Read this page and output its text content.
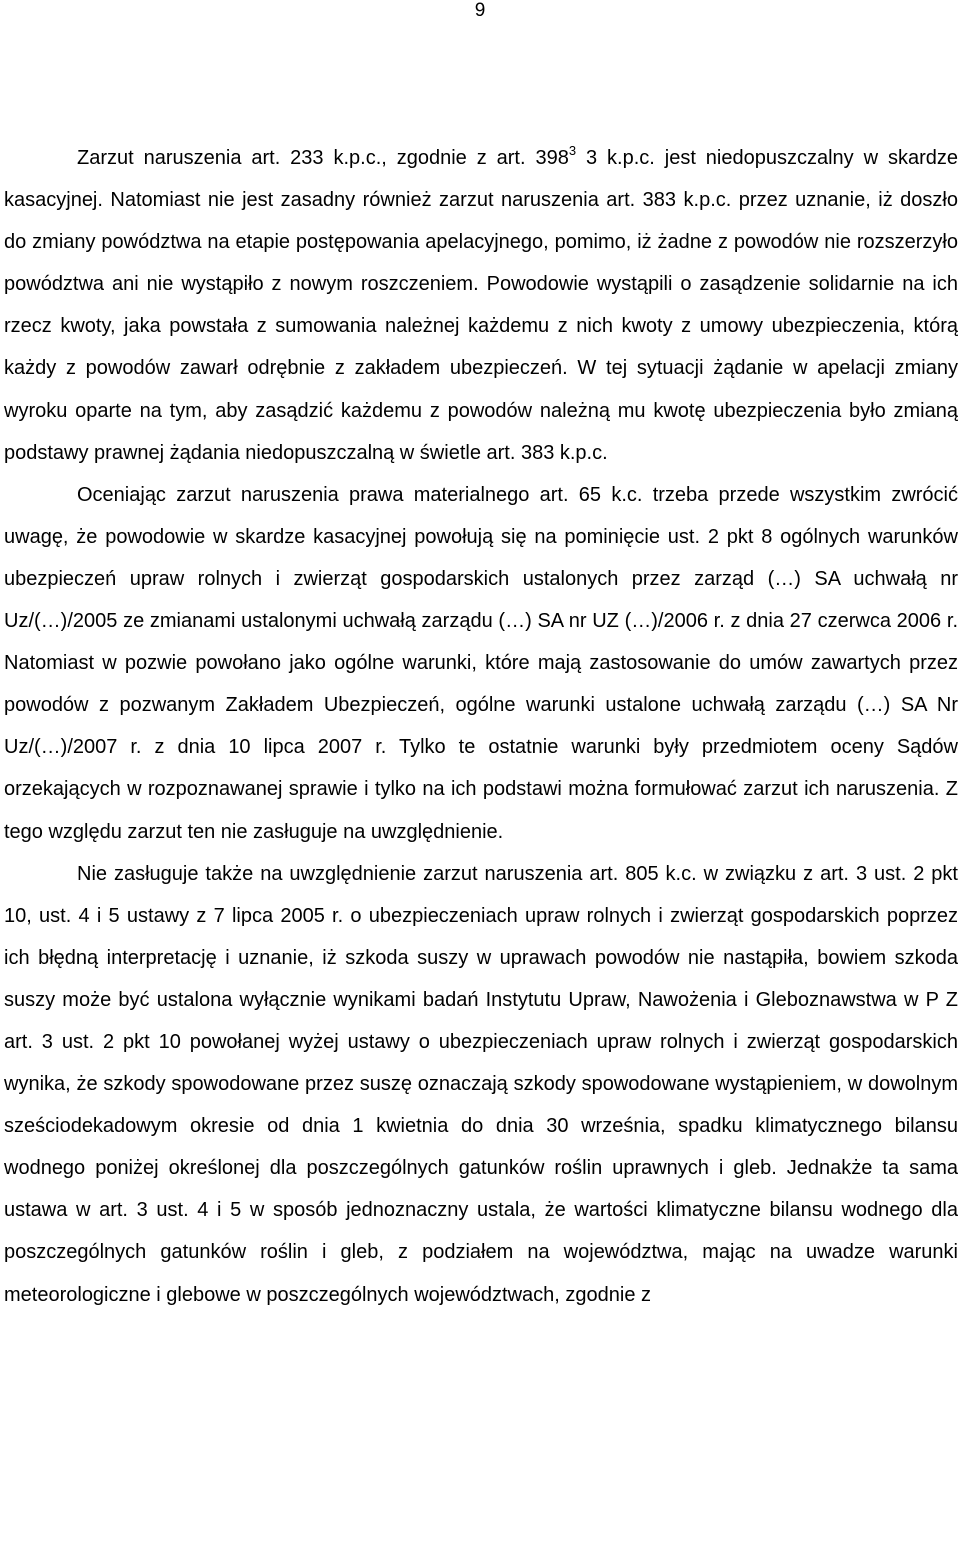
9

Zarzut naruszenia art. 233 k.p.c., zgodnie z art. $398^3$ 3 k.p.c. jest niedopuszczalny w skardze kasacyjnej. Natomiast nie jest zasadny również zarzut naruszenia art. 383 k.p.c. przez uznanie, iż doszło do zmiany powództwa na etapie postępowania apelacyjnego, pomimo, iż żadne z powodów nie rozszerzyło powództwa ani nie wystąpiło z nowym roszczeniem. Powodowie wystąpili o zasądzenie solidarnie na ich rzecz kwoty, jaka powstała z sumowania należnej każdemu z nich kwoty z umowy ubezpieczenia, którą każdy z powodów zawarł odrębnie z zakładem ubezpieczeń. W tej sytuacji żądanie w apelacji zmiany wyroku oparte na tym, aby zasądzić każdemu z powodów należną mu kwotę ubezpieczenia było zmianą podstawy prawnej żądania niedopuszczalną w świetle art. 383 k.p.c.

Oceniając zarzut naruszenia prawa materialnego art. 65 k.c. trzeba przede wszystkim zwrócić uwagę, że powodowie w skardze kasacyjnej powołują się na pominięcie ust. 2 pkt 8 ogólnych warunków ubezpieczeń upraw rolnych i zwierząt gospodarskich ustalonych przez zarząd (…) SA uchwałą nr Uz/(…)/2005 ze zmianami ustalonymi uchwałą zarządu (…) SA nr UZ (…)/2006 r. z dnia 27 czerwca 2006 r. Natomiast w pozwie powołano jako ogólne warunki, które mają zastosowanie do umów zawartych przez powodów z pozwanym Zakładem Ubezpieczeń, ogólne warunki ustalone uchwałą zarządu (…) SA Nr Uz/(…)/2007 r. z dnia 10 lipca 2007 r. Tylko te ostatnie warunki były przedmiotem oceny Sądów orzekających w rozpoznawanej sprawie i tylko na ich podstawi można formułować zarzut ich naruszenia. Z tego względu zarzut ten nie zasługuje na uwzględnienie.

Nie zasługuje także na uwzględnienie zarzut naruszenia art. 805 k.c. w związku z art. 3 ust. 2 pkt 10, ust. 4 i 5 ustawy z 7 lipca 2005 r. o ubezpieczeniach upraw rolnych i zwierząt gospodarskich poprzez ich błędną interpretację i uznanie, iż szkoda suszy w uprawach powodów nie nastąpiła, bowiem szkoda suszy może być ustalona wyłącznie wynikami badań Instytutu Upraw, Nawożenia i Gleboznawstwa w P Z art. 3 ust. 2 pkt 10 powołanej wyżej ustawy o ubezpieczeniach upraw rolnych i zwierząt gospodarskich wynika, że szkody spowodowane przez suszę oznaczają szkody spowodowane wystąpieniem, w dowolnym sześciodekadowym okresie od dnia 1 kwietnia do dnia 30 września, spadku klimatycznego bilansu wodnego poniżej określonej dla poszczególnych gatunków roślin uprawnych i gleb. Jednakże ta sama ustawa w art. 3 ust. 4 i 5 w sposób jednoznaczny ustala, że wartości klimatyczne bilansu wodnego dla poszczególnych gatunków roślin i gleb, z podziałem na województwa, mając na uwadze warunki meteorologiczne i glebowe w poszczególnych województwach, zgodnie z
